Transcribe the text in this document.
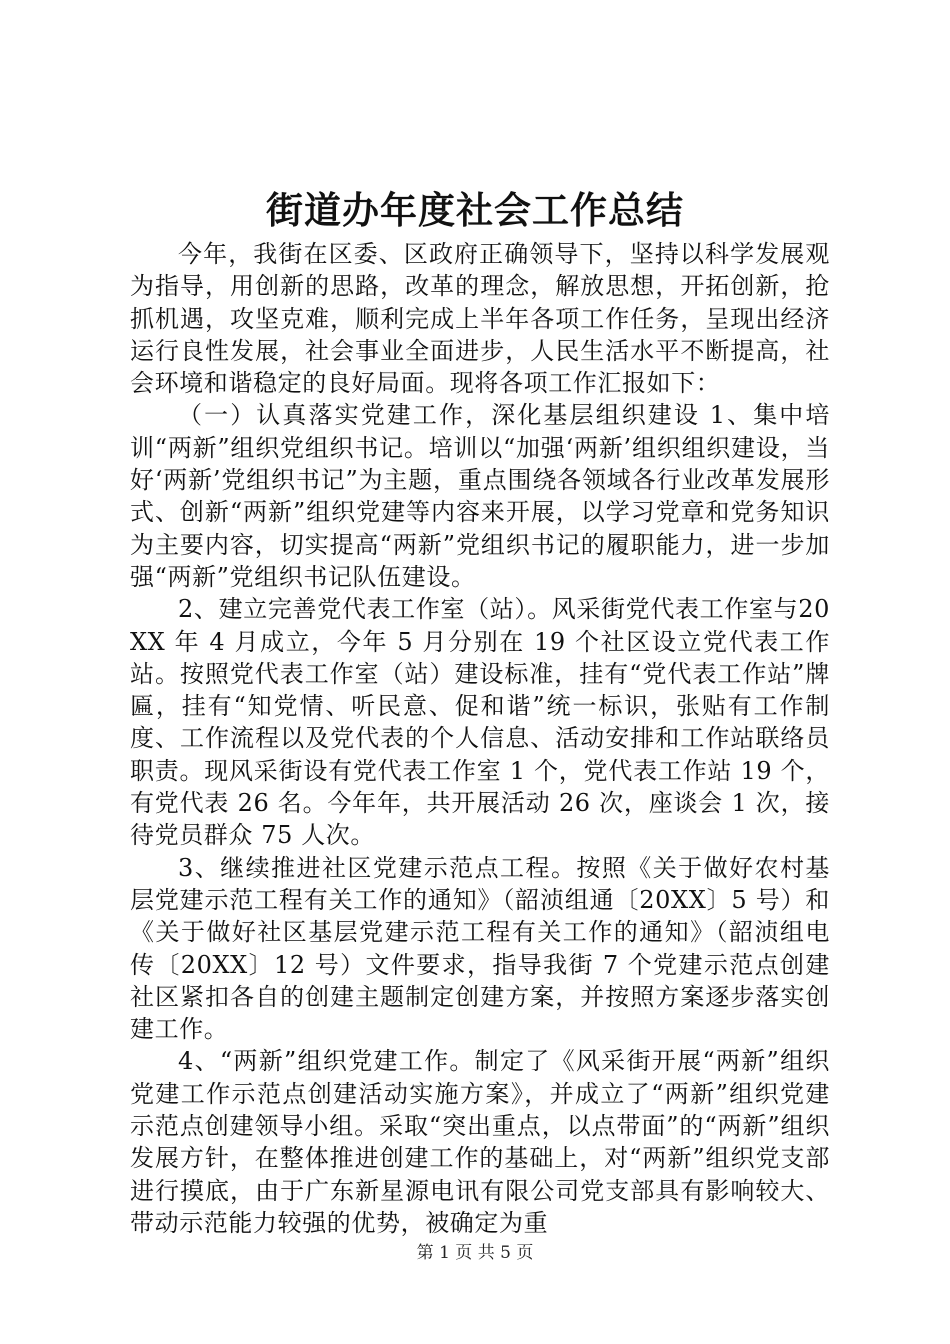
街道办年度社会工作总结

今年，我街在区委、区政府正确领导下，坚持以科学发展观为指导，用创新的思路，改革的理念，解放思想，开拓创新，抢抓机遇，攻坚克难，顺利完成上半年各项工作任务，呈现出经济运行良性发展，社会事业全面进步，人民生活水平不断提高，社会环境和谐稳定的良好局面。现将各项工作汇报如下：

（一）认真落实党建工作，深化基层组织建设 1、集中培训“两新”组织党组织书记。培训以“加强‘两新’组织组织建设，当好‘两新’党组织书记”为主题，重点围绕各领域各行业改革发展形式、创新“两新”组织党建等内容来开展，以学习党章和党务知识为主要内容，切实提高“两新”党组织书记的履职能力，进一步加强“两新”党组织书记队伍建设。

2、建立完善党代表工作室（站）。风采街党代表工作室与20XX 年 4 月成立，今年 5 月分别在 19 个社区设立党代表工作站。按照党代表工作室（站）建设标准，挂有“党代表工作站”牌匾，挂有“知党情、听民意、促和谐”统一标识，张贴有工作制度、工作流程以及党代表的个人信息、活动安排和工作站联络员职责。现风采街设有党代表工作室 1 个，党代表工作站 19 个，有党代表 26 名。今年年，共开展活动 26 次，座谈会 1 次，接待党员群众 75 人次。

3、继续推进社区党建示范点工程。按照《关于做好农村基层党建示范工程有关工作的通知》（韶浈组通〔20XX〕5 号）和《关于做好社区基层党建示范工程有关工作的通知》（韶浈组电传〔20XX〕12 号）文件要求，指导我街 7 个党建示范点创建社区紧扣各自的创建主题制定创建方案，并按照方案逐步落实创建工作。

4、“两新”组织党建工作。制定了《风采街开展“两新”组织党建工作示范点创建活动实施方案》，并成立了“两新”组织党建示范点创建领导小组。采取“突出重点，以点带面”的“两新”组织发展方针，在整体推进创建工作的基础上，对“两新”组织党支部进行摸底，由于广东新星源电讯有限公司党支部具有影响较大、带动示范能力较强的优势，被确定为重

第 1 页 共 5 页
